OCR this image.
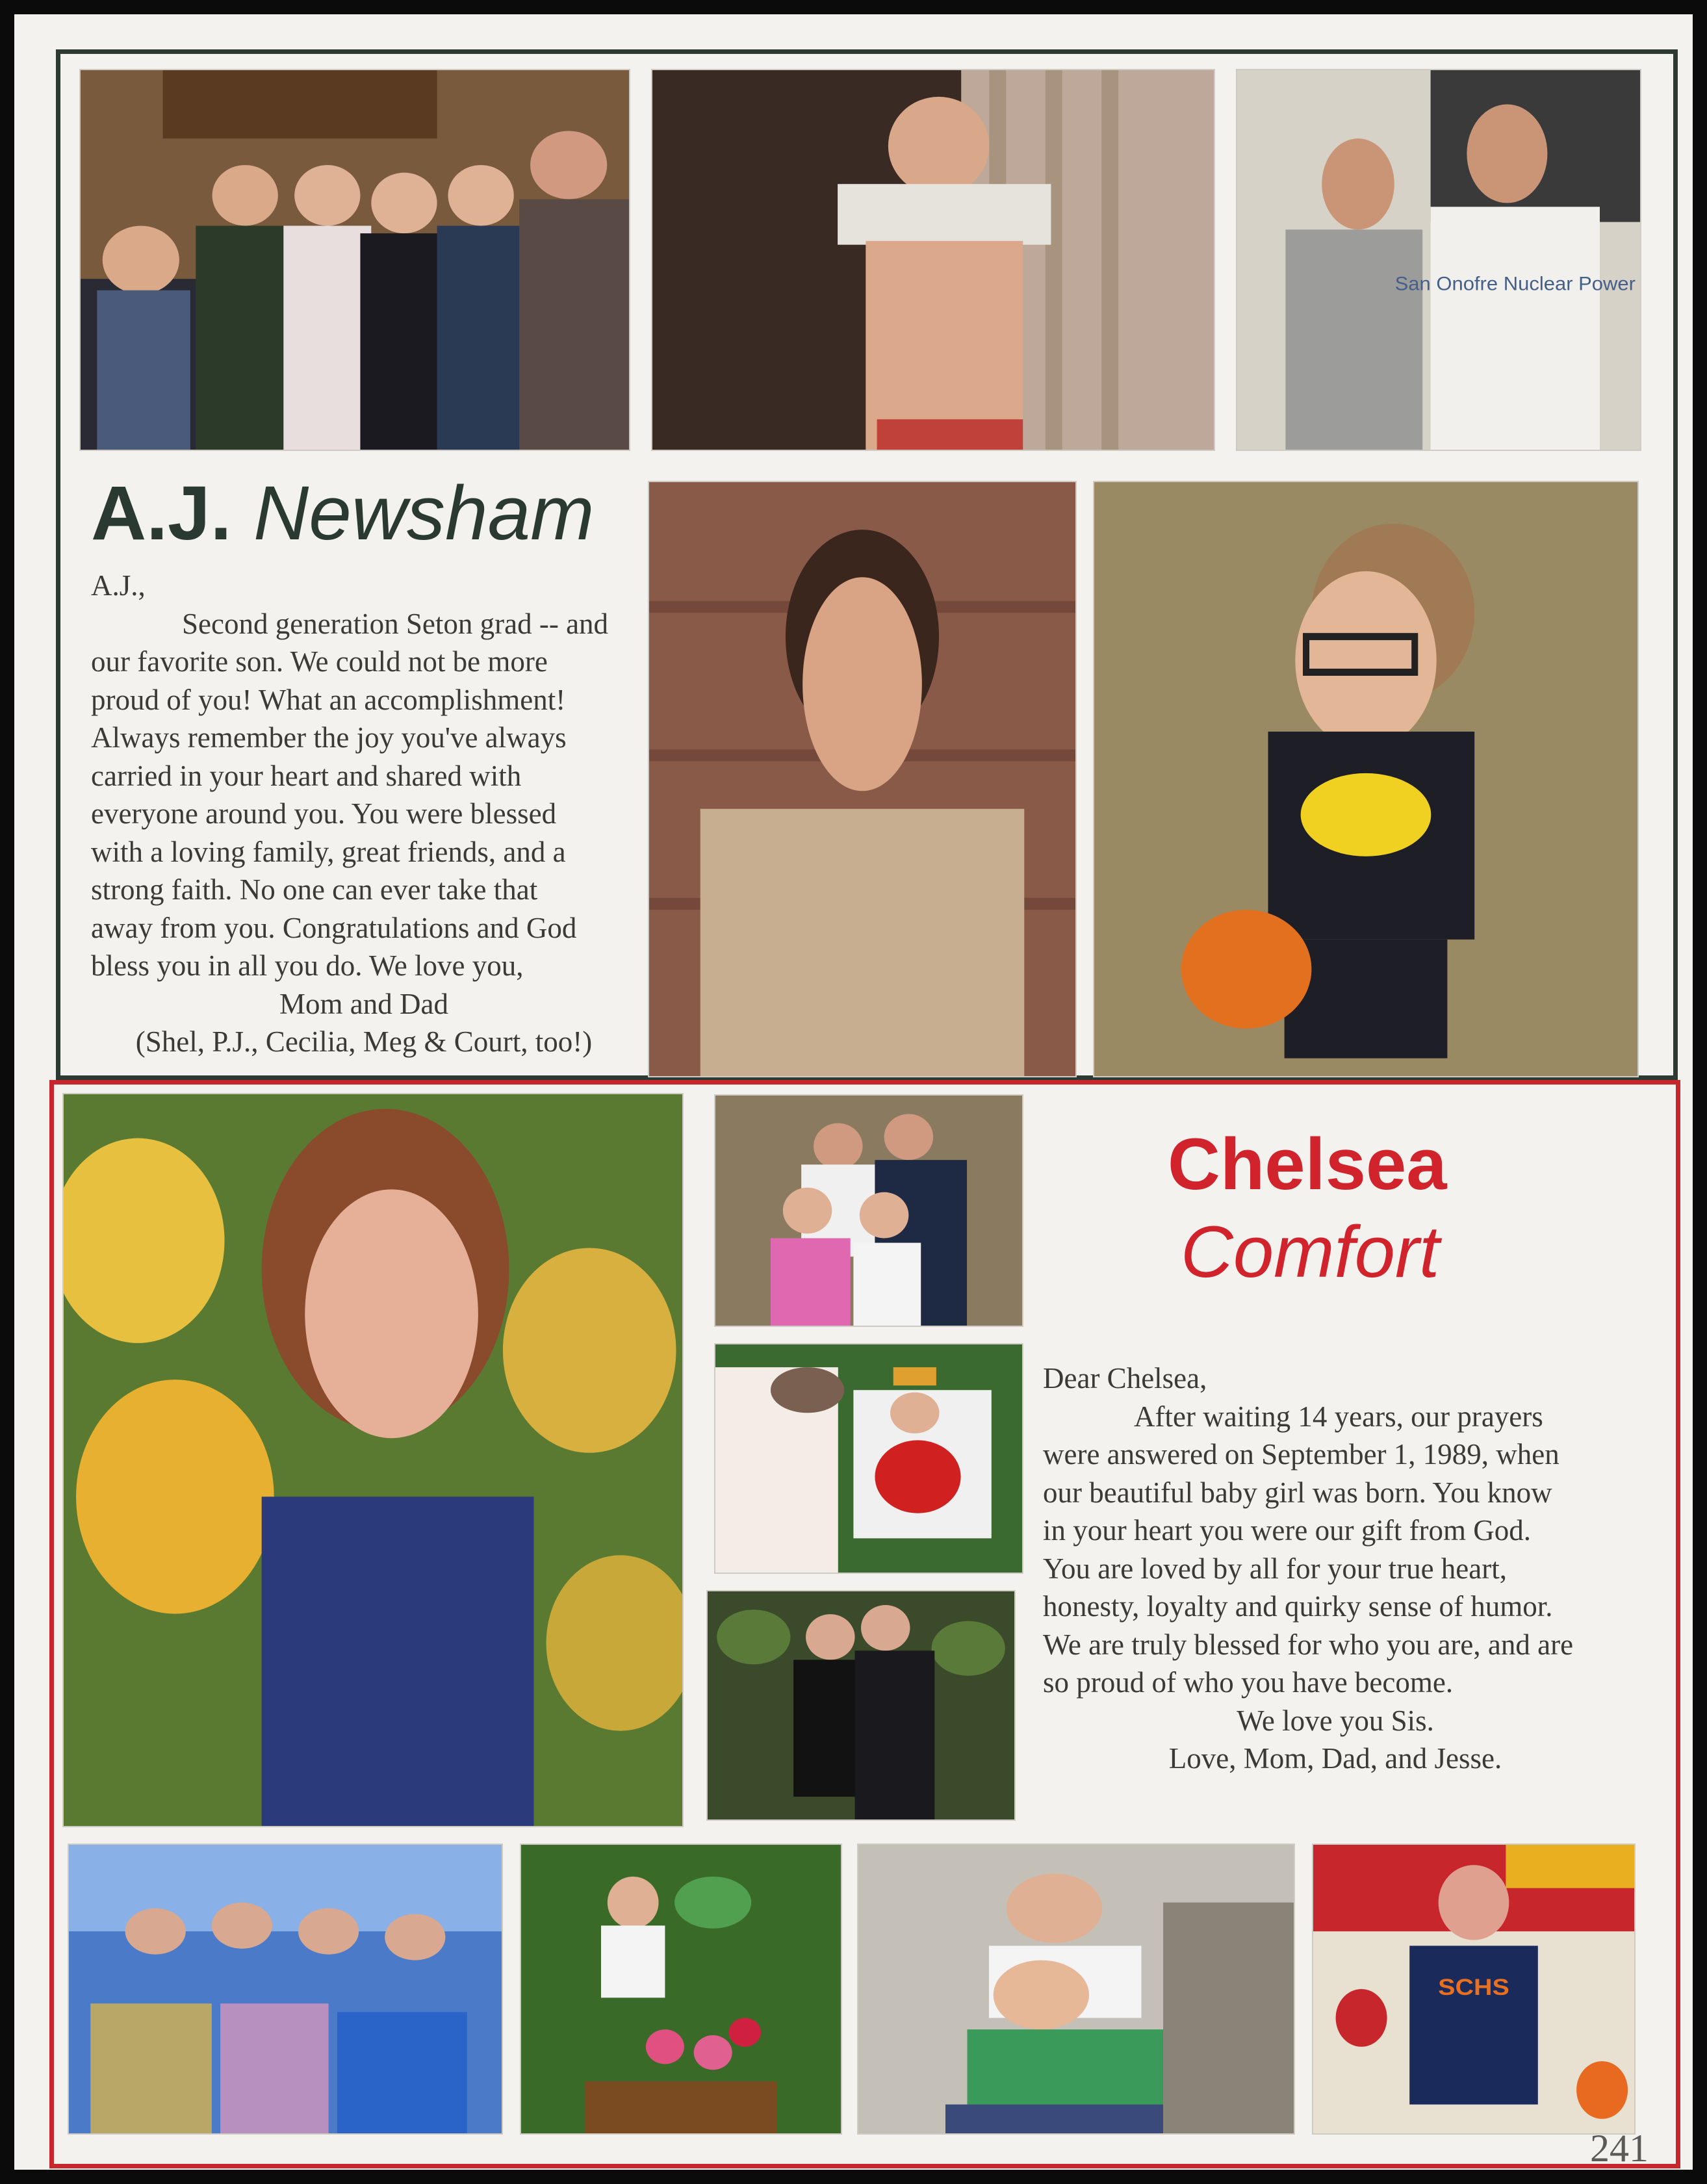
San Onofre Nuclear Power
A.J. Newsham
A.J.,
Second generation Seton grad -- and
our favorite son. We could not be more
proud of you! What an accomplishment!
Always remember the joy you've always
carried in your heart and shared with
everyone around you. You were blessed
with a loving family, great friends, and a
strong faith. No one can ever take that
away from you. Congratulations and God
bless you in all you do. We love you,
Mom and Dad
(Shel, P.J., Cecilia, Meg & Court, too!)
Chelsea
Comfort
Dear Chelsea,
After waiting 14 years, our prayers
were answered on September 1, 1989, when
our beautiful baby girl was born. You know
in your heart you were our gift from God.
You are loved by all for your true heart,
honesty, loyalty and quirky sense of humor.
We are truly blessed for who you are, and are
so proud of who you have become.
We love you Sis.
Love, Mom, Dad, and Jesse.
SCHS
241
